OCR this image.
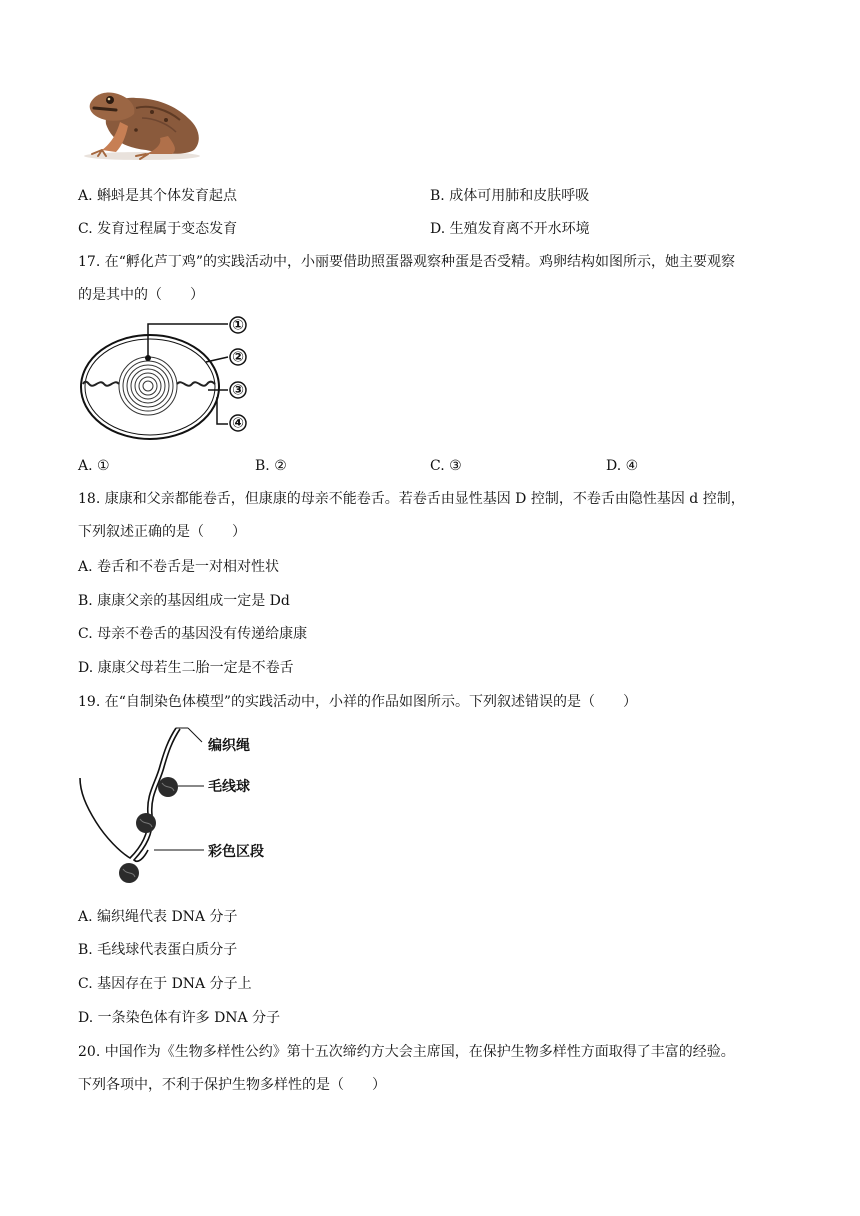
A. 蝌蚪是其个体发育起点	B. 成体可用肺和皮肤呼吸
C. 发育过程属于变态发育	D. 生殖发育离不开水环境
17. 在“孵化芦丁鸡”的实践活动中，小丽要借助照蛋器观察种蛋是否受精。鸡卵结构如图所示，她主要观察
的是其中的（　　）
①
②
③
④
A. ①	B. ②	C. ③	D. ④
18. 康康和父亲都能卷舌，但康康的母亲不能卷舌。若卷舌由显性基因 D 控制，不卷舌由隐性基因 d 控制，
下列叙述正确的是（　　）
A. 卷舌和不卷舌是一对相对性状
B. 康康父亲的基因组成一定是 Dd
C. 母亲不卷舌的基因没有传递给康康
D. 康康父母若生二胎一定是不卷舌
19. 在“自制染色体模型”的实践活动中，小祥的作品如图所示。下列叙述错误的是（　　）
编织绳
毛线球
彩色区段
A. 编织绳代表 DNA 分子
B. 毛线球代表蛋白质分子
C. 基因存在于 DNA 分子上
D. 一条染色体有许多 DNA 分子
20. 中国作为《生物多样性公约》第十五次缔约方大会主席国，在保护生物多样性方面取得了丰富的经验。
下列各项中，不利于保护生物多样性的是（　　）
